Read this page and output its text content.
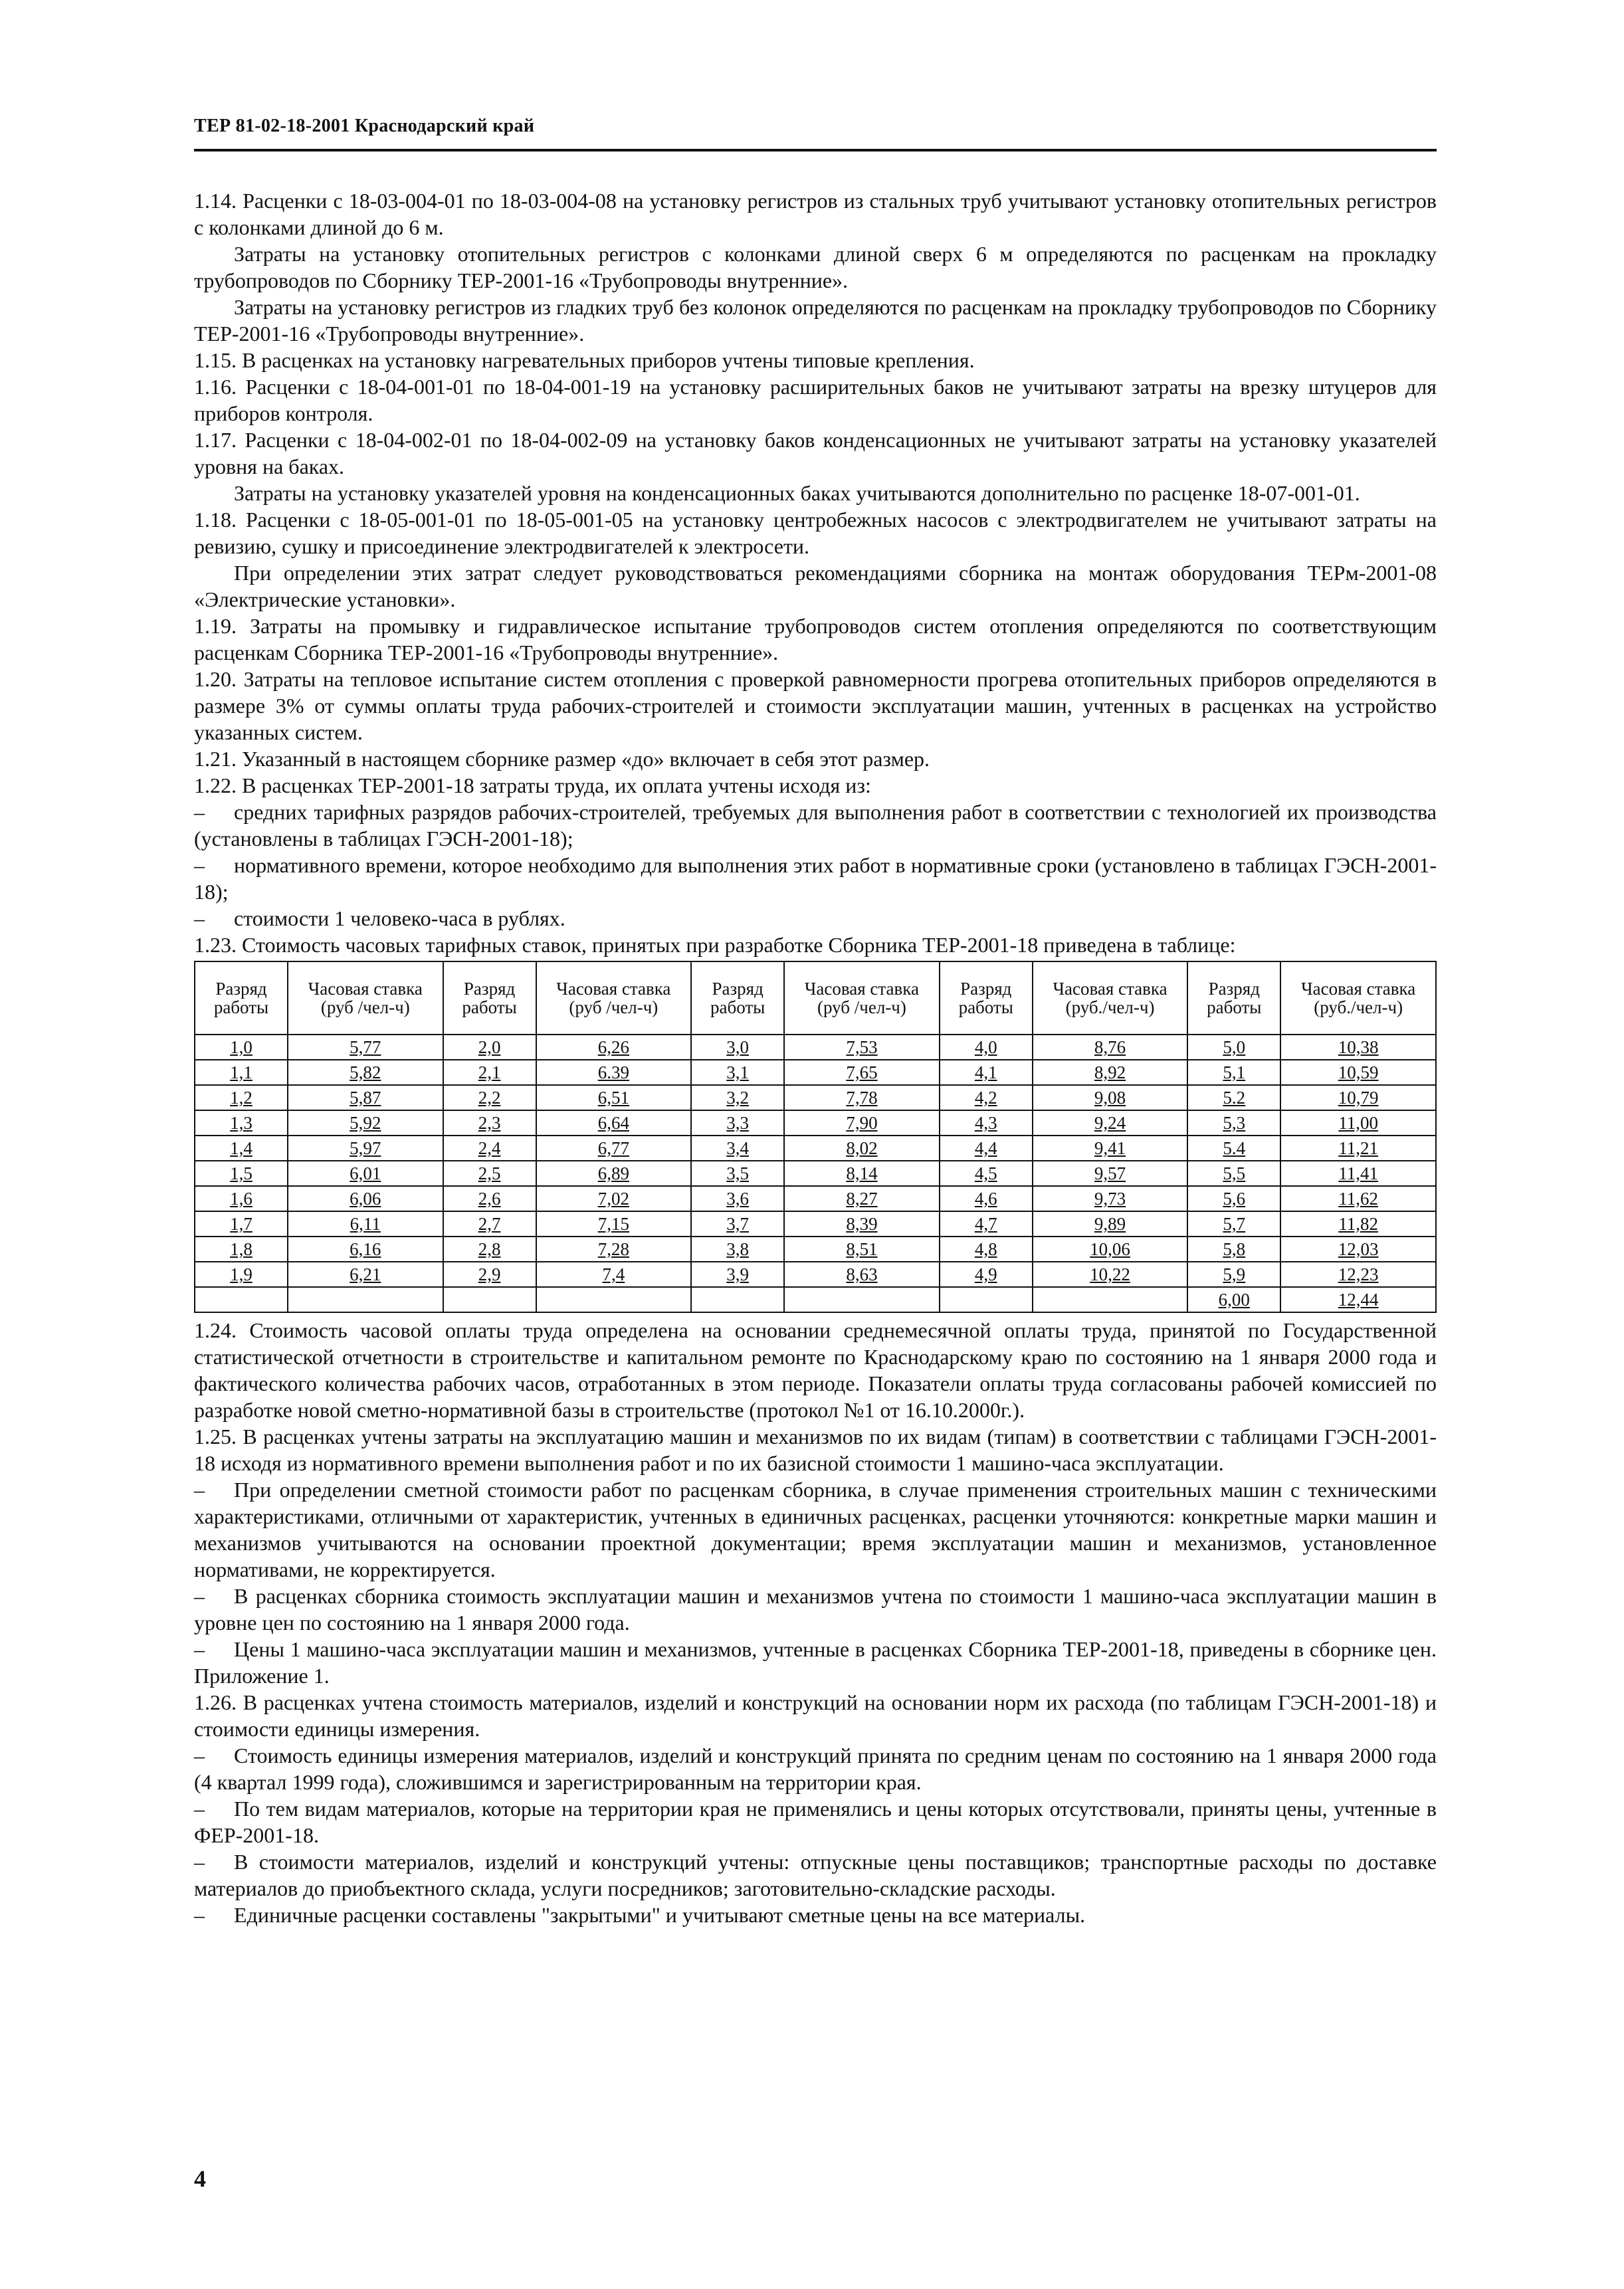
ТЕР 81-02-18-2001 Краснодарский край

1.14. Расценки с 18-03-004-01 по 18-03-004-08 на установку регистров из стальных труб учитывают установку отопительных регистров с колонками длиной до 6 м.

Затраты на установку отопительных регистров с колонками длиной сверх 6 м определяются по расценкам на прокладку трубопроводов по Сборнику ТЕР-2001-16 «Трубопроводы внутренние».

Затраты на установку регистров из гладких труб без колонок определяются по расценкам на прокладку трубопроводов по Сборнику ТЕР-2001-16 «Трубопроводы внутренние».

1.15. В расценках на установку нагревательных приборов учтены типовые крепления.

1.16. Расценки с 18-04-001-01 по 18-04-001-19 на установку расширительных баков не учитывают затраты на врезку штуцеров для приборов контроля.

1.17. Расценки с 18-04-002-01 по 18-04-002-09 на установку баков конденсационных не учитывают затраты на установку указателей уровня на баках.

Затраты на установку указателей уровня на конденсационных баках учитываются дополнительно по расценке 18-07-001-01.

1.18. Расценки с 18-05-001-01 по 18-05-001-05 на установку центробежных насосов с электродвигателем не учитывают затраты на ревизию, сушку и присоединение электродвигателей к электросети.

При определении этих затрат следует руководствоваться рекомендациями сборника на монтаж оборудования ТЕРм-2001-08 «Электрические установки».

1.19. Затраты на промывку и гидравлическое испытание трубопроводов систем отопления определяются по соответствующим расценкам Сборника ТЕР-2001-16 «Трубопроводы внутренние».

1.20. Затраты на тепловое испытание систем отопления с проверкой равномерности прогрева отопительных приборов определяются в размере 3% от суммы оплаты труда рабочих-строителей и стоимости эксплуатации машин, учтенных в расценках на устройство указанных систем.

1.21. Указанный в настоящем сборнике размер «до» включает в себя этот размер.

1.22. В расценках ТЕР-2001-18 затраты труда, их оплата учтены исходя из:

– средних тарифных разрядов рабочих-строителей, требуемых для выполнения работ в соответствии с технологией их производства (установлены в таблицах ГЭСН-2001-18);

– нормативного времени, которое необходимо для выполнения этих работ в нормативные сроки (установлено в таблицах ГЭСН-2001-18);

– стоимости 1 человеко-часа в рублях.

1.23. Стоимость часовых тарифных ставок, принятых при разработке Сборника ТЕР-2001-18 приведена в таблице:

Разряд работы	Часовая ставка (руб /чел-ч)	Разряд работы	Часовая ставка (руб /чел-ч)	Разряд работы	Часовая ставка (руб /чел-ч)	Разряд работы	Часовая ставка (руб./чел-ч)	Разряд работы	Часовая ставка (руб./чел-ч)
1,0	5,77	2,0	6,26	3,0	7,53	4,0	8,76	5,0	10,38
1,1	5,82	2,1	6.39	3,1	7,65	4,1	8,92	5,1	10,59
1,2	5,87	2,2	6,51	3,2	7,78	4,2	9,08	5.2	10,79
1,3	5,92	2,3	6,64	3,3	7,90	4,3	9,24	5,3	11,00
1,4	5,97	2,4	6,77	3,4	8,02	4,4	9,41	5.4	11,21
1,5	6,01	2,5	6,89	3,5	8,14	4,5	9,57	5,5	11,41
1,6	6,06	2,6	7,02	3,6	8,27	4,6	9,73	5,6	11,62
1,7	6,11	2,7	7,15	3,7	8,39	4,7	9,89	5,7	11,82
1,8	6,16	2,8	7,28	3,8	8,51	4,8	10,06	5,8	12,03
1,9	6,21	2,9	7,4	3,9	8,63	4,9	10,22	5,9	12,23
								6,00	12,44

1.24. Стоимость часовой оплаты труда определена на основании среднемесячной оплаты труда, принятой по Государственной статистической отчетности в строительстве и капитальном ремонте по Краснодарскому краю по состоянию на 1 января 2000 года и фактического количества рабочих часов, отработанных в этом периоде. Показатели оплаты труда согласованы рабочей комиссией по разработке новой сметно-нормативной базы в строительстве (протокол №1 от 16.10.2000г.).

1.25. В расценках учтены затраты на эксплуатацию машин и механизмов по их видам (типам) в соответствии с таблицами ГЭСН-2001-18 исходя из нормативного времени выполнения работ и по их базисной стоимости 1 машино-часа эксплуатации.

– При определении сметной стоимости работ по расценкам сборника, в случае применения строительных машин с техническими характеристиками, отличными от характеристик, учтенных в единичных расценках, расценки уточняются: конкретные марки машин и механизмов учитываются на основании проектной документации; время эксплуатации машин и механизмов, установленное нормативами, не корректируется.

– В расценках сборника стоимость эксплуатации машин и механизмов учтена по стоимости 1 машино-часа эксплуатации машин в уровне цен по состоянию на 1 января 2000 года.

– Цены 1 машино-часа эксплуатации машин и механизмов, учтенные в расценках Сборника ТЕР-2001-18, приведены в сборнике цен. Приложение 1.

1.26. В расценках учтена стоимость материалов, изделий и конструкций на основании норм их расхода (по таблицам ГЭСН-2001-18) и стоимости единицы измерения.

– Стоимость единицы измерения материалов, изделий и конструкций принята по средним ценам по состоянию на 1 января 2000 года (4 квартал 1999 года), сложившимся и зарегистрированным на территории края.

– По тем видам материалов, которые на территории края не применялись и цены которых отсутствовали, приняты цены, учтенные в ФЕР-2001-18.

– В стоимости материалов, изделий и конструкций учтены: отпускные цены поставщиков; транспортные расходы по доставке материалов до приобъектного склада, услуги посредников; заготовительно-складские расходы.

– Единичные расценки составлены "закрытыми" и учитывают сметные цены на все материалы.

4
